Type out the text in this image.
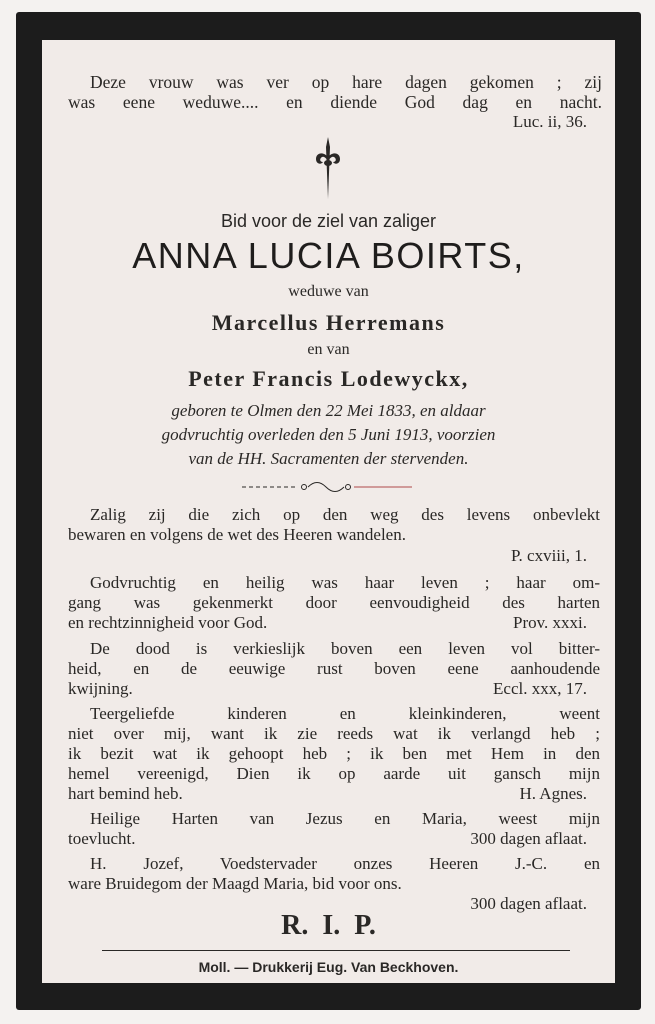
Deze vrouw was ver op hare dagen gekomen ; zij
was eene weduwe.... en diende God dag en nacht.
Luc. ii, 36.
Bid voor de ziel van zaliger
ANNA LUCIA BOIRTS,
weduwe van
Marcellus Herremans
en van
Peter Francis Lodewyckx,
geboren te Olmen den 22 Mei 1833, en aldaar
godvruchtig overleden den 5 Juni 1913, voorzien
van de HH. Sacramenten der stervenden.
Zalig zij die zich op den weg des levens onbevlekt
bewaren en volgens de wet des Heeren wandelen.
P. cxviii, 1.
Godvruchtig en heilig was haar leven ; haar om-
gang was gekenmerkt door eenvoudigheid des harten
en rechtzinnigheid voor God.	Prov. xxxi.
De dood is verkieslijk boven een leven vol bitter-
heid, en de eeuwige rust boven eene aanhoudende
kwijning.	Eccl. xxx, 17.
Teergeliefde kinderen en kleinkinderen, weent
niet over mij, want ik zie reeds wat ik verlangd heb ;
ik bezit wat ik gehoopt heb ; ik ben met Hem in den
hemel vereenigd, Dien ik op aarde uit gansch mijn
hart bemind heb.	H. Agnes.
Heilige Harten van Jezus en Maria, weest mijn
toevlucht.	300 dagen aflaat.
H. Jozef, Voedstervader onzes Heeren J.-C. en
ware Bruidegom der Maagd Maria, bid voor ons.
300 dagen aflaat.
R.  I.  P.
Moll. — Drukkerij Eug. Van Beckhoven.
